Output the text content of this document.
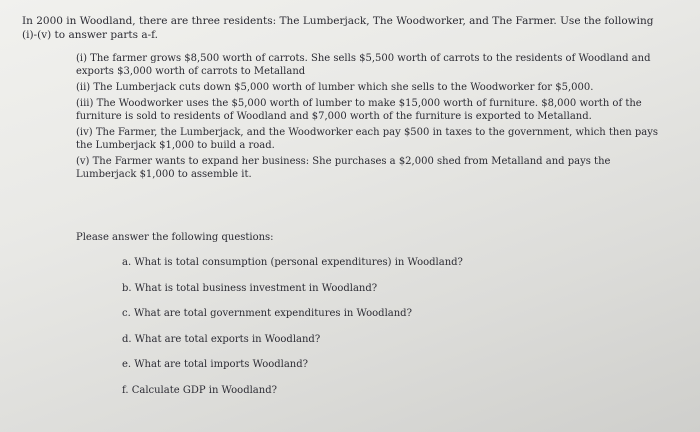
In 2000 in Woodland, there are three residents: The Lumberjack, The Woodworker, and The Farmer. Use the following (i)-(v) to answer parts a-f.
(i) The farmer grows $8,500 worth of carrots. She sells $5,500 worth of carrots to the residents of Woodland and exports $3,000 worth of carrots to Metalland
(ii) The Lumberjack cuts down $5,000 worth of lumber which she sells to the Woodworker for $5,000.
(iii) The Woodworker uses the $5,000 worth of lumber to make $15,000 worth of furniture. $8,000 worth of the furniture is sold to residents of Woodland and $7,000 worth of the furniture is exported to Metalland.
(iv) The Farmer, the Lumberjack, and the Woodworker each pay $500 in taxes to the government, which then pays the Lumberjack $1,000 to build a road.
(v) The Farmer wants to expand her business: She purchases a $2,000 shed from Metalland and pays the Lumberjack $1,000 to assemble it.
Please answer the following questions:
a. What is total consumption (personal expenditures) in Woodland?
b. What is total business investment in Woodland?
c. What are total government expenditures in Woodland?
d. What are total exports in Woodland?
e. What are total imports Woodland?
f. Calculate GDP in Woodland?
